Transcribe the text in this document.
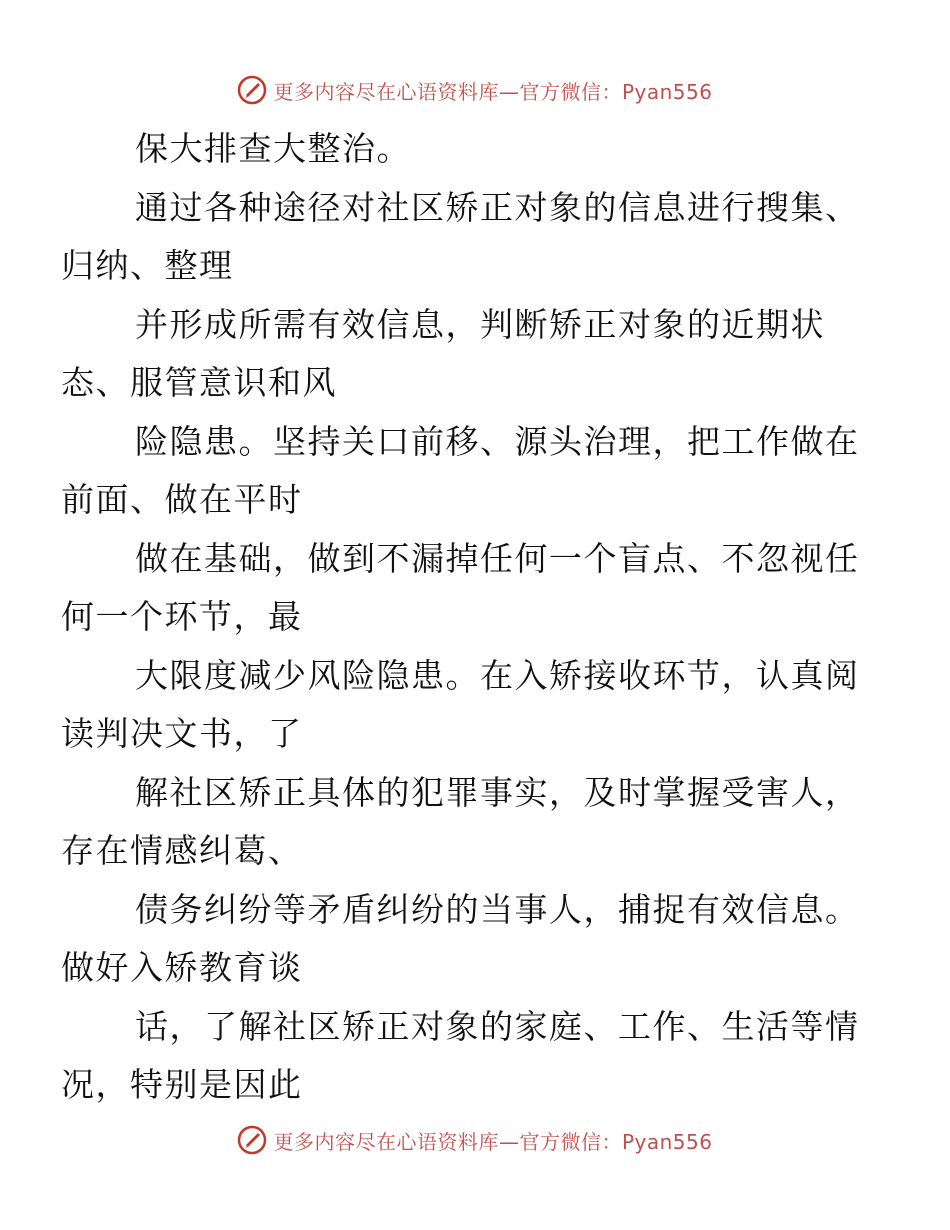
更多内容尽在心语资料库—官方微信：Pyan556

保大排查大整治。

通过各种途径对社区矫正对象的信息进行搜集、
归纳、整理

并形成所需有效信息，判断矫正对象的近期状
态、服管意识和风

险隐患。坚持关口前移、源头治理，把工作做在
前面、做在平时

做在基础，做到不漏掉任何一个盲点、不忽视任
何一个环节，最

大限度减少风险隐患。在入矫接收环节，认真阅
读判决文书，了

解社区矫正具体的犯罪事实，及时掌握受害人，
存在情感纠葛、

债务纠纷等矛盾纠纷的当事人，捕捉有效信息。
做好入矫教育谈

话，了解社区矫正对象的家庭、工作、生活等情
况，特别是因此

更多内容尽在心语资料库—官方微信：Pyan556
